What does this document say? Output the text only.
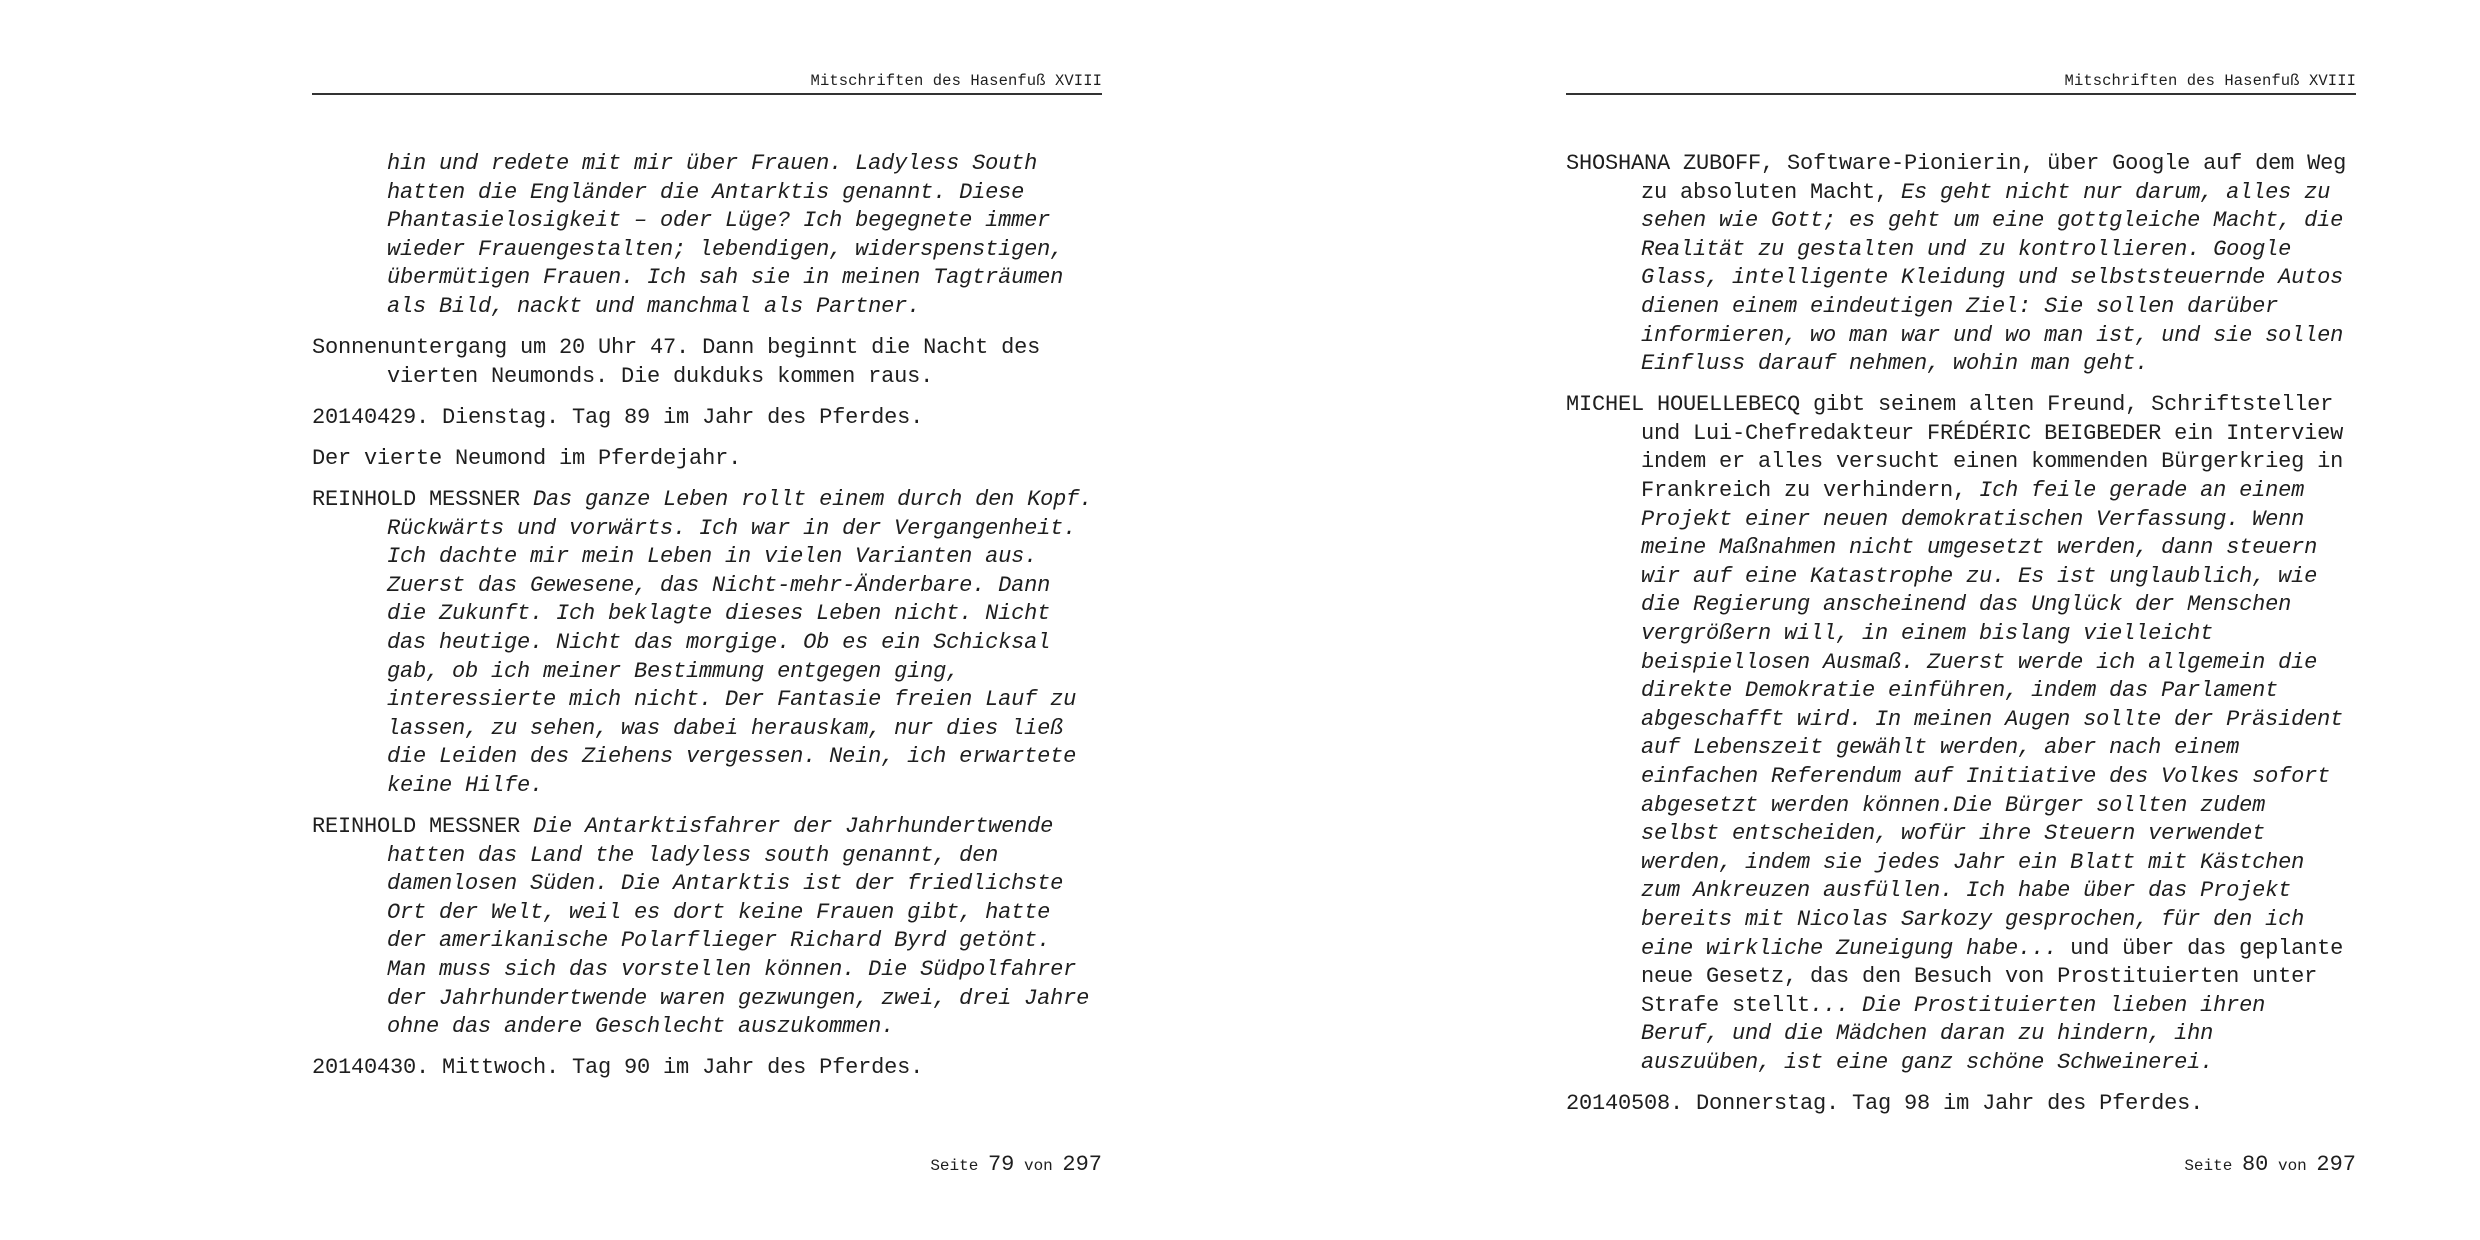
Mitschriften des Hasenfuß XVIII
hin und redete mit mir über Frauen. Ladyless South
hatten die Engländer die Antarktis genannt. Diese
Phantasielosigkeit – oder Lüge? Ich begegnete immer
wieder Frauengestalten; lebendigen, widerspenstigen,
übermütigen Frauen. Ich sah sie in meinen Tagträumen
als Bild, nackt und manchmal als Partner.
Sonnenuntergang um 20 Uhr 47. Dann beginnt die Nacht des
vierten Neumonds. Die dukduks kommen raus.
20140429. Dienstag. Tag 89 im Jahr des Pferdes.
Der vierte Neumond im Pferdejahr.
REINHOLD MESSNER Das ganze Leben rollt einem durch den Kopf.
Rückwärts und vorwärts. Ich war in der Vergangenheit.
Ich dachte mir mein Leben in vielen Varianten aus.
Zuerst das Gewesene, das Nicht-mehr-Änderbare. Dann
die Zukunft. Ich beklagte dieses Leben nicht. Nicht
das heutige. Nicht das morgige. Ob es ein Schicksal
gab, ob ich meiner Bestimmung entgegen ging,
interessierte mich nicht. Der Fantasie freien Lauf zu
lassen, zu sehen, was dabei herauskam, nur dies ließ
die Leiden des Ziehens vergessen. Nein, ich erwartete
keine Hilfe.
REINHOLD MESSNER Die Antarktisfahrer der Jahrhundertwende
hatten das Land the ladyless south genannt, den
damenlosen Süden. Die Antarktis ist der friedlichste
Ort der Welt, weil es dort keine Frauen gibt, hatte
der amerikanische Polarflieger Richard Byrd getönt.
Man muss sich das vorstellen können. Die Südpolfahrer
der Jahrhundertwende waren gezwungen, zwei, drei Jahre
ohne das andere Geschlecht auszukommen.
20140430. Mittwoch. Tag 90 im Jahr des Pferdes.
Seite 79 von 297
Mitschriften des Hasenfuß XVIII
SHOSHANA ZUBOFF, Software-Pionierin, über Google auf dem Weg
zu absoluten Macht, Es geht nicht nur darum, alles zu
sehen wie Gott; es geht um eine gottgleiche Macht, die
Realität zu gestalten und zu kontrollieren. Google
Glass, intelligente Kleidung und selbststeuernde Autos
dienen einem eindeutigen Ziel: Sie sollen darüber
informieren, wo man war und wo man ist, und sie sollen
Einfluss darauf nehmen, wohin man geht.
MICHEL HOUELLEBECQ gibt seinem alten Freund, Schriftsteller
und Lui-Chefredakteur FRÉDÉRIC BEIGBEDER ein Interview
indem er alles versucht einen kommenden Bürgerkrieg in
Frankreich zu verhindern, Ich feile gerade an einem
Projekt einer neuen demokratischen Verfassung. Wenn
meine Maßnahmen nicht umgesetzt werden, dann steuern
wir auf eine Katastrophe zu. Es ist unglaublich, wie
die Regierung anscheinend das Unglück der Menschen
vergrößern will, in einem bislang vielleicht
beispiellosen Ausmaß. Zuerst werde ich allgemein die
direkte Demokratie einführen, indem das Parlament
abgeschafft wird. In meinen Augen sollte der Präsident
auf Lebenszeit gewählt werden, aber nach einem
einfachen Referendum auf Initiative des Volkes sofort
abgesetzt werden können.Die Bürger sollten zudem
selbst entscheiden, wofür ihre Steuern verwendet
werden, indem sie jedes Jahr ein Blatt mit Kästchen
zum Ankreuzen ausfüllen. Ich habe über das Projekt
bereits mit Nicolas Sarkozy gesprochen, für den ich
eine wirkliche Zuneigung habe... und über das geplante
neue Gesetz, das den Besuch von Prostituierten unter
Strafe stellt... Die Prostituierten lieben ihren
Beruf, und die Mädchen daran zu hindern, ihn
auszuüben, ist eine ganz schöne Schweinerei.
20140508. Donnerstag. Tag 98 im Jahr des Pferdes.
Seite 80 von 297
